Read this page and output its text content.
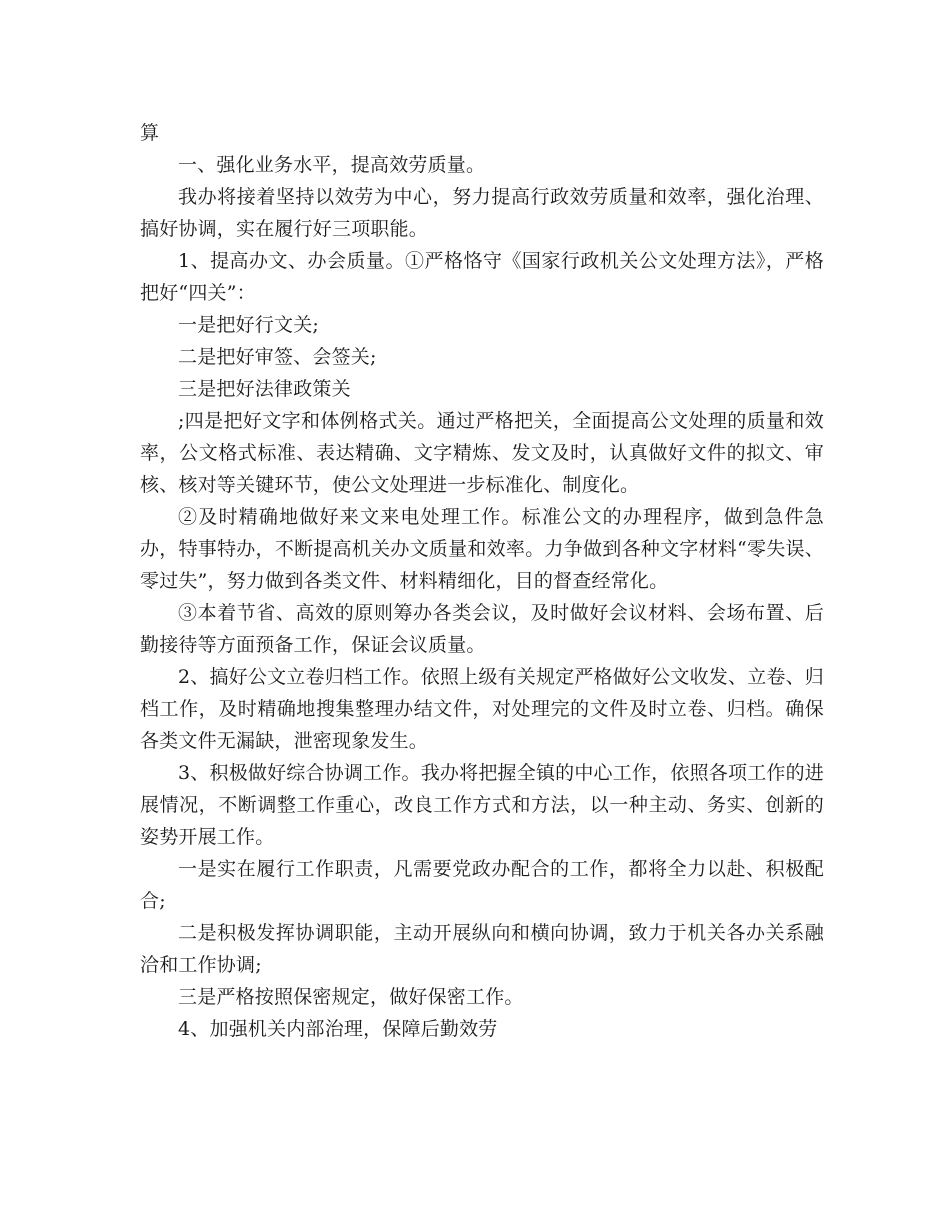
算

一、强化业务水平，提高效劳质量。

我办将接着坚持以效劳为中心，努力提高行政效劳质量和效率，强化治理、搞好协调，实在履行好三项职能。

1、提高办文、办会质量。①严格恪守《国家行政机关公文处理方法》，严格把好“四关”：

一是把好行文关;

二是把好审签、会签关;

三是把好法律政策关

;四是把好文字和体例格式关。通过严格把关，全面提高公文处理的质量和效率，公文格式标准、表达精确、文字精炼、发文及时，认真做好文件的拟文、审核、核对等关键环节，使公文处理进一步标准化、制度化。

②及时精确地做好来文来电处理工作。标准公文的办理程序，做到急件急办，特事特办，不断提高机关办文质量和效率。力争做到各种文字材料“零失误、零过失”，努力做到各类文件、材料精细化，目的督查经常化。

③本着节省、高效的原则筹办各类会议，及时做好会议材料、会场布置、后勤接待等方面预备工作，保证会议质量。

2、搞好公文立卷归档工作。依照上级有关规定严格做好公文收发、立卷、归档工作，及时精确地搜集整理办结文件，对处理完的文件及时立卷、归档。确保各类文件无漏缺，泄密现象发生。

3、积极做好综合协调工作。我办将把握全镇的中心工作，依照各项工作的进展情况，不断调整工作重心，改良工作方式和方法，以一种主动、务实、创新的姿势开展工作。

一是实在履行工作职责，凡需要党政办配合的工作，都将全力以赴、积极配合;

二是积极发挥协调职能，主动开展纵向和横向协调，致力于机关各办关系融洽和工作协调;

三是严格按照保密规定，做好保密工作。

4、加强机关内部治理，保障后勤效劳
